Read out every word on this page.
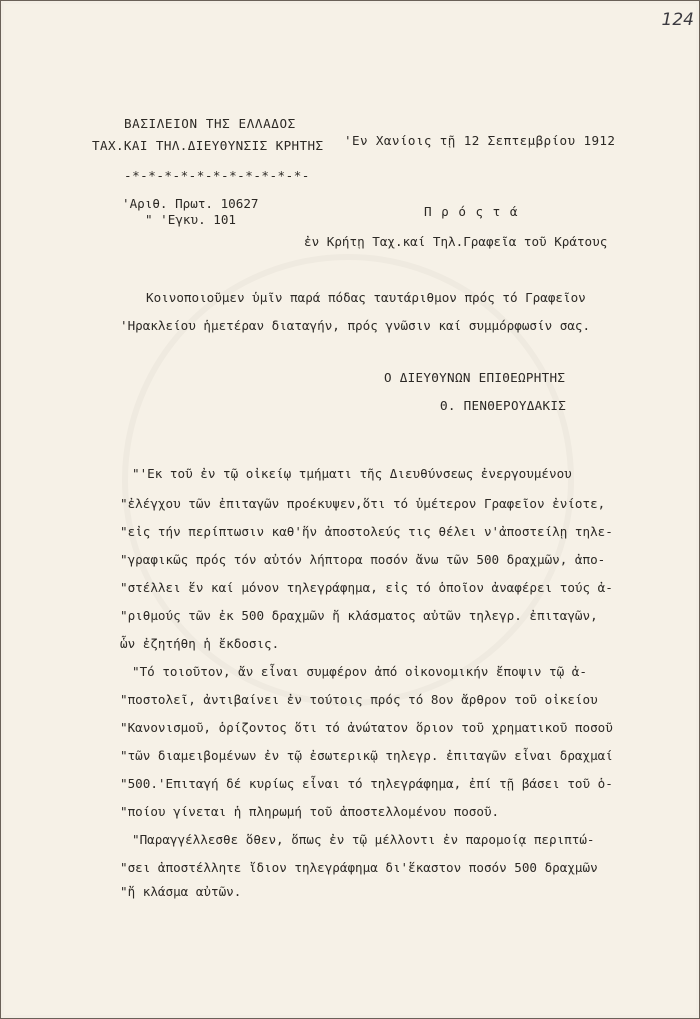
124
ΒΑΣΙΛΕΙΟΝ ΤΗΣ ΕΛΛΑΔΟΣ
ΤΑΧ.ΚΑΙ ΤΗΛ.ΔΙΕΥΘΥΝΣΙΣ ΚΡΗΤΗΣ
-*-*-*-*-*-*-*-*-*-*-*-
'Εν Χανίοις τῇ 12 Σεπτεμβρίου 1912
'Αριθ. Πρωτ. 10627
" 'Εγκυ. 101
Π ρ ό ς τ ά
ἐν Κρήτῃ Ταχ.καί Τηλ.Γραφεῖα τοῦ Κράτους
Κοινοποιοῦμεν ὑμῖν παρά πόδας ταυτάριθμον πρός τό Γραφεῖον
'Ηρακλείου ἡμετέραν διαταγήν, πρός γνῶσιν καί συμμόρφωσίν σας.
Ο ΔΙΕΥΘΥΝΩΝ ΕΠΙΘΕΩΡΗΤΗΣ
Θ. ΠΕΝΘΕΡΟΥΔΑΚΙΣ
"'Εκ τοῦ ἐν τῷ οἰκείῳ τμήματι τῆς Διευθύνσεως ἐνεργουμένου
"ἐλέγχου τῶν ἐπιταγῶν προέκυψεν,ὅτι τό ὑμέτερον Γραφεῖον ἐνίοτε,
"εἰς τήν περίπτωσιν καθ'ἥν ἀποστολεύς τις θέλει ν'ἀποστείλῃ τηλε-
"γραφικῶς πρός τόν αὐτόν λήπτορα ποσόν ἄνω τῶν 500 δραχμῶν, ἀπο-
"στέλλει ἕν καί μόνον τηλεγράφημα, εἰς τό ὁποῖον ἀναφέρει τούς ἀ-
"ριθμούς τῶν ἐκ 500 δραχμῶν ἤ κλάσματος αὐτῶν τηλεγρ. ἐπιταγῶν,
ὧν ἐζητήθη ἡ ἔκδοσις.
"Τό τοιοῦτον, ἄν εἶναι συμφέρον ἀπό οἰκονομικήν ἔποψιν τῷ ἀ-
"ποστολεῖ, ἀντιβαίνει ἐν τούτοις πρός τό 8ον ἄρθρον τοῦ οἰκείου
"Κανονισμοῦ, ὁρίζοντος ὅτι τό ἀνώτατον ὅριον τοῦ χρηματικοῦ ποσοῦ
"τῶν διαμειβομένων ἐν τῷ ἐσωτερικῷ τηλεγρ. ἐπιταγῶν εἶναι δραχμαί
"500.'Επιταγή δέ κυρίως εἶναι τό τηλεγράφημα, ἐπί τῇ βάσει τοῦ ὁ-
"ποίου γίνεται ἡ πληρωμή τοῦ ἀποστελλομένου ποσοῦ.
"Παραγγέλλεσθε ὅθεν, ὅπως ἐν τῷ μέλλοντι ἐν παρομοίᾳ περιπτώ-
"σει ἀποστέλλητε ἴδιον τηλεγράφημα δι'ἕκαστον ποσόν 500 δραχμῶν
"ἤ κλάσμα αὐτῶν.
